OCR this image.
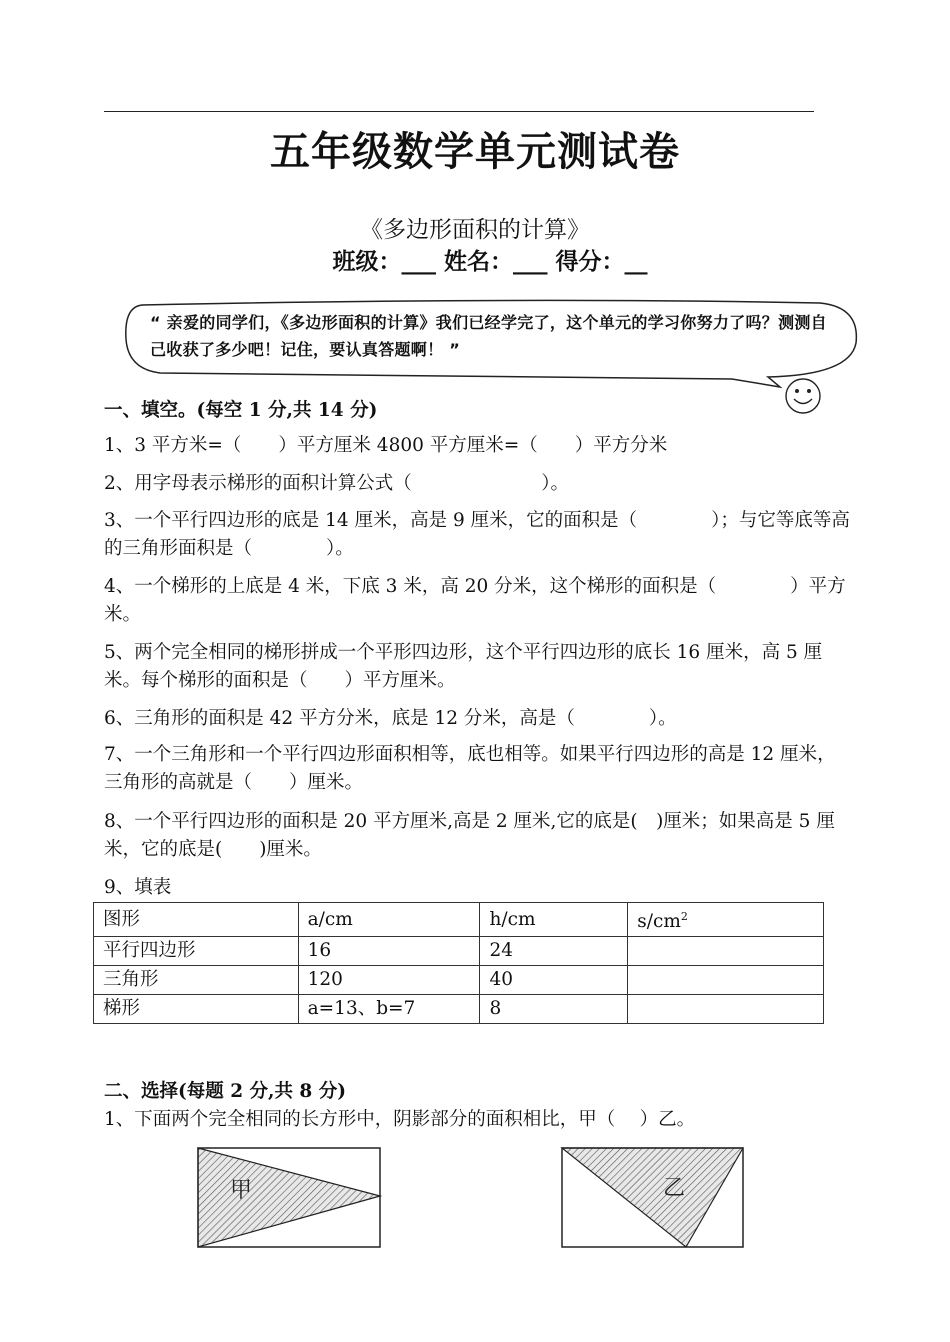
五年级数学单元测试卷
《多边形面积的计算》
班级：___ 姓名：___ 得分：__
“ 亲爱的同学们，《多边形面积的计算》我们已经学完了，这个单元的学习你努力了吗？测测自己收获了多少吧！记住，要认真答题啊！ ”
一、填空。(每空 1 分,共 14 分)
1、3 平方米=（　　）平方厘米 4800 平方厘米=（　　）平方分米
2、用字母表示梯形的面积计算公式（　　　　　　　）。
3、一个平行四边形的底是 14 厘米，高是 9 厘米，它的面积是（　　　　）；与它等底等高的三角形面积是（　　　　）。
4、一个梯形的上底是 4 米，下底 3 米，高 20 分米，这个梯形的面积是（　　　　）平方米。
5、两个完全相同的梯形拼成一个平形四边形，这个平行四边形的底长 16 厘米，高 5 厘米。每个梯形的面积是（　　）平方厘米。
6、三角形的面积是 42 平方分米，底是 12 分米，高是（　　　　）。
7、一个三角形和一个平行四边形面积相等，底也相等。如果平行四边形的高是 12 厘米，三角形的高就是（　　）厘米。
8、一个平行四边形的面积是 20 平方厘米,高是 2 厘米,它的底是(　)厘米；如果高是 5 厘米，它的底是(　　)厘米。
9、填表
图形	a/cm	h/cm	$s/cm^2$
平行四边形	16	24	
三角形	120	40	
梯形	a=13、b=7	8	
二、选择(每题 2 分,共 8 分)
1、下面两个完全相同的长方形中，阴影部分的面积相比，甲（　 ）乙。
甲	乙
